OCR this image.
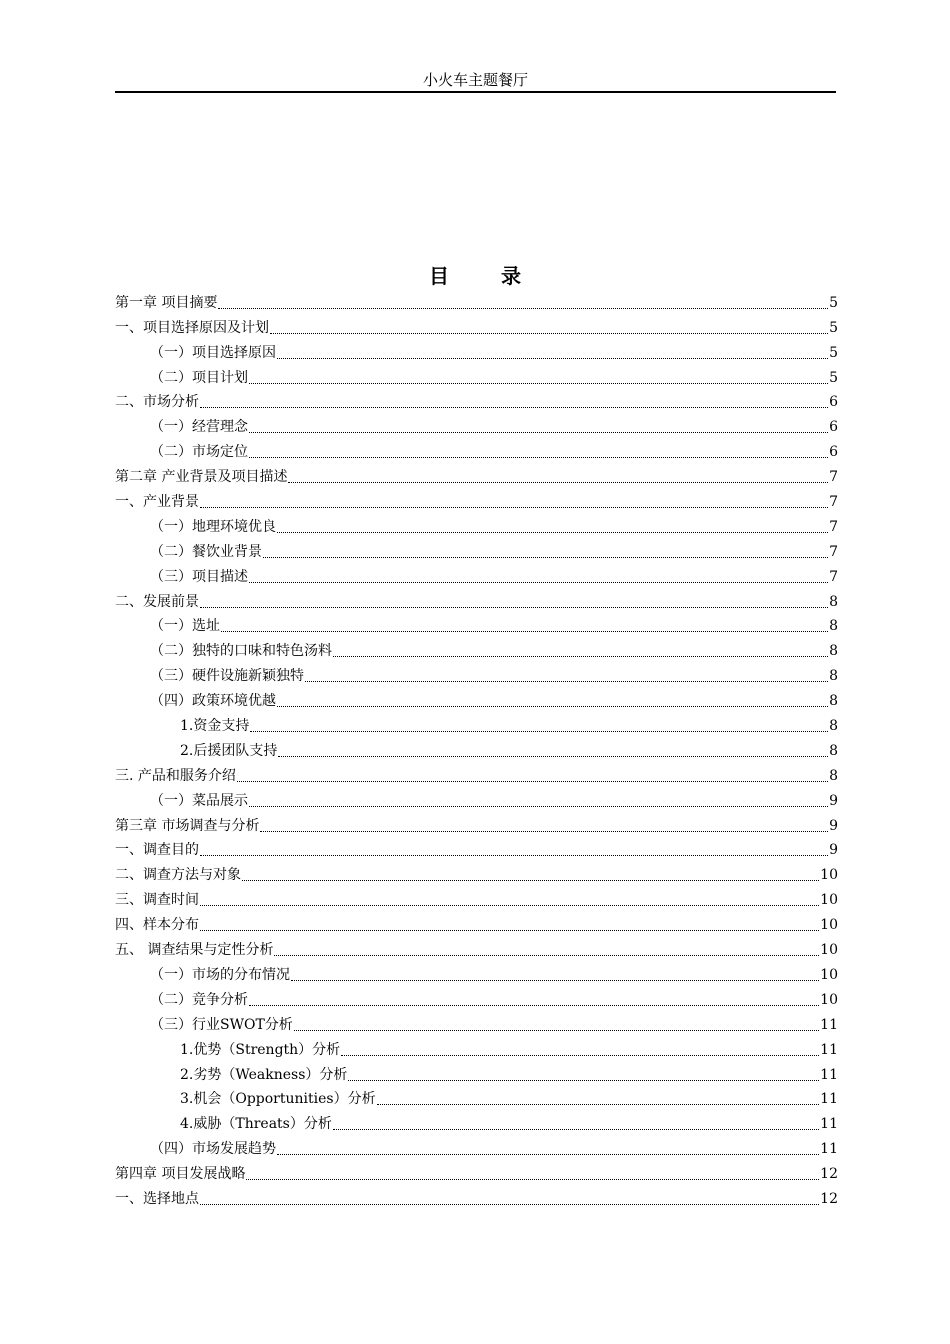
小火车主题餐厅
目	录
第一章 项目摘要	5
一、项目选择原因及计划	5
（一）项目选择原因	5
（二）项目计划	5
二、市场分析	6
（一）经营理念	6
（二）市场定位	6
第二章 产业背景及项目描述	7
一、产业背景	7
（一）地理环境优良	7
（二）餐饮业背景	7
（三）项目描述	7
二、发展前景	8
（一）选址	8
（二）独特的口味和特色汤料	8
（三）硬件设施新颖独特	8
（四）政策环境优越	8
1.资金支持	8
2.后援团队支持	8
三. 产品和服务介绍	8
（一）菜品展示	9
第三章 市场调查与分析	9
一、调查目的	9
二、调查方法与对象	10
三、调查时间	10
四、样本分布	10
五、 调查结果与定性分析	10
（一）市场的分布情况	10
（二）竞争分析	10
（三）行业SWOT分析	11
1.优势（Strength）分析	11
2.劣势（Weakness）分析	11
3.机会（Opportunities）分析	11
4.威胁（Threats）分析	11
（四）市场发展趋势	11
第四章 项目发展战略	12
一、选择地点	12
